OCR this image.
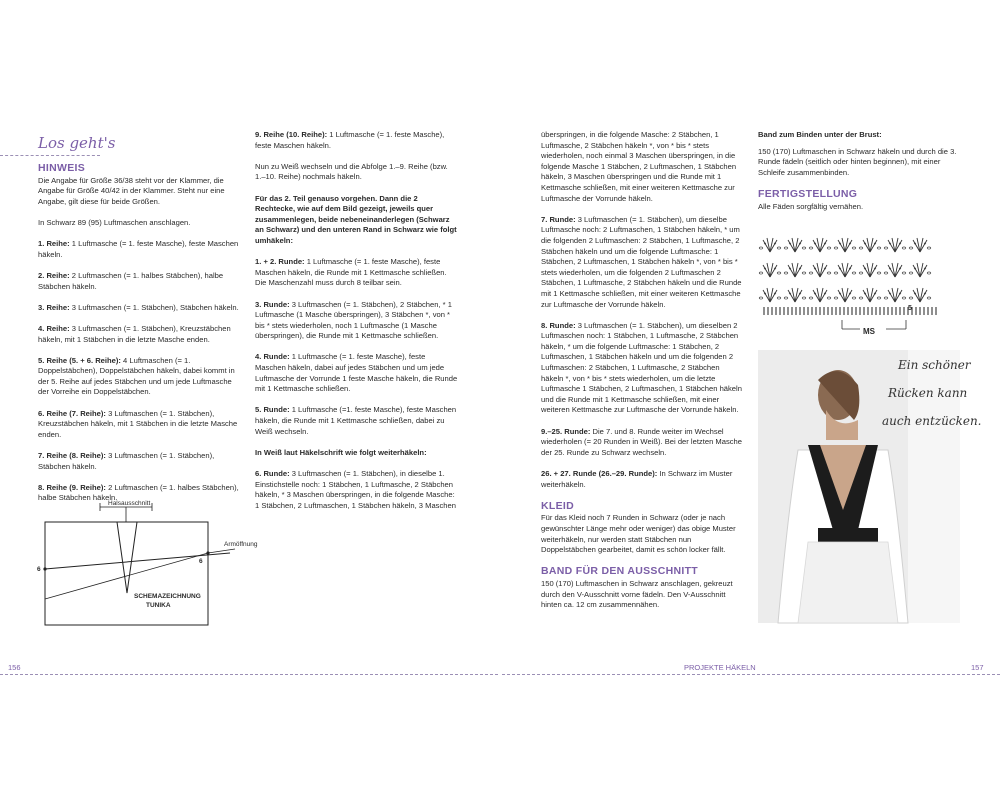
Los geht's
HINWEIS

Die Angabe für Größe 36/38 steht vor der Klammer, die Angabe für Größe 40/42 in der Klammer. Steht nur eine Angabe, gilt diese für beide Größen.

In Schwarz 89 (95) Luftmaschen anschlagen.

1. Reihe: 1 Luftmasche (= 1. feste Masche), feste Maschen häkeln.

2. Reihe: 2 Luftmaschen (= 1. halbes Stäbchen), halbe Stäbchen häkeln.

3. Reihe: 3 Luftmaschen (= 1. Stäbchen), Stäbchen häkeln.

4. Reihe: 3 Luftmaschen (= 1. Stäbchen), Kreuzstäbchen häkeln, mit 1 Stäbchen in die letzte Masche enden.

5. Reihe (5. + 6. Reihe): 4 Luftmaschen (= 1. Doppelstäbchen), Doppelstäbchen häkeln, dabei kommt in der 5. Reihe auf jedes Stäbchen und um jede Luftmasche der Vorreihe ein Doppelstäbchen.

6. Reihe (7. Reihe): 3 Luftmaschen (= 1. Stäbchen), Kreuzstäbchen häkeln, mit 1 Stäbchen in die letzte Masche enden.

7. Reihe (8. Reihe): 3 Luftmaschen (= 1. Stäbchen), Stäbchen häkeln.

8. Reihe (9. Reihe): 2 Luftmaschen (= 1. halbes Stäbchen), halbe Stäbchen häkeln.

Halsausschnitt
Armöffnung
6
6
SCHEMAZEICHNUNG
TUNIKA

9. Reihe (10. Reihe): 1 Luftmasche (= 1. feste Masche), feste Maschen häkeln.

Nun zu Weiß wechseln und die Abfolge 1.–9. Reihe (bzw. 1.–10. Reihe) nochmals häkeln.

Für das 2. Teil genauso vorgehen. Dann die 2 Rechtecke, wie auf dem Bild gezeigt, jeweils quer zusammenlegen, beide nebeneinanderlegen (Schwarz an Schwarz) und den unteren Rand in Schwarz wie folgt umhäkeln:

1. + 2. Runde: 1 Luftmasche (= 1. feste Masche), feste Maschen häkeln, die Runde mit 1 Kettmasche schließen. Die Maschenzahl muss durch 8 teilbar sein.

3. Runde: 3 Luftmaschen (= 1. Stäbchen), 2 Stäbchen, * 1 Luftmasche (1 Masche überspringen), 3 Stäbchen *, von * bis * stets wiederholen, noch 1 Luftmasche (1 Masche überspringen), die Runde mit 1 Kettmasche schließen.

4. Runde: 1 Luftmasche (= 1. feste Masche), feste Maschen häkeln, dabei auf jedes Stäbchen und um jede Luftmasche der Vorrunde 1 feste Masche häkeln, die Runde mit 1 Kettmasche schließen.

5. Runde: 1 Luftmasche (=1. feste Masche), feste Maschen häkeln, die Runde mit 1 Kettmasche schließen, dabei zu Weiß wechseln.

In Weiß laut Häkelschrift wie folgt weiterhäkeln:

6. Runde: 3 Luftmaschen (= 1. Stäbchen), in dieselbe 1. Einstichstelle noch: 1 Stäbchen, 1 Luftmasche, 2 Stäbchen häkeln, * 3 Maschen überspringen, in die folgende Masche: 1 Stäbchen, 2 Luftmaschen, 1 Stäbchen häkeln, 3 Maschen

überspringen, in die folgende Masche: 2 Stäbchen, 1 Luftmasche, 2 Stäbchen häkeln *, von * bis * stets wiederholen, noch einmal 3 Maschen überspringen, in die folgende Masche 1 Stäbchen, 2 Luftmaschen, 1 Stäbchen häkeln, 3 Maschen überspringen und die Runde mit 1 Kettmasche schließen, mit einer weiteren Kettmasche zur Luftmasche der Vorrunde häkeln.

7. Runde: 3 Luftmaschen (= 1. Stäbchen), um dieselbe Luftmasche noch: 2 Luftmaschen, 1 Stäbchen häkeln, * um die folgenden 2 Luftmaschen: 2 Stäbchen, 1 Luftmasche, 2 Stäbchen häkeln und um die folgende Luftmasche: 1 Stäbchen, 2 Luftmaschen, 1 Stäbchen häkeln *, von * bis * stets wiederholen, um die folgenden 2 Luftmaschen 2 Stäbchen, 1 Luftmasche, 2 Stäbchen häkeln und die Runde mit 1 Kettmasche schließen, mit einer weiteren Kettmasche zur Luftmasche der Vorrunde häkeln.

8. Runde: 3 Luftmaschen (= 1. Stäbchen), um dieselben 2 Luftmaschen noch: 1 Stäbchen, 1 Luftmasche, 2 Stäbchen häkeln, * um die folgende Luftmasche: 1 Stäbchen, 2 Luftmaschen, 1 Stäbchen häkeln und um die folgenden 2 Luftmaschen: 2 Stäbchen, 1 Luftmasche, 2 Stäbchen häkeln *, von * bis * stets wiederholen, um die letzte Luftmasche 1 Stäbchen, 2 Luftmaschen, 1 Stäbchen häkeln und die Runde mit 1 Kettmasche schließen, mit einer weiteren Kettmasche zur Luftmasche der Vorrunde häkeln.

9.–25. Runde: Die 7. und 8. Runde weiter im Wechsel wiederholen (= 20 Runden in Weiß). Bei der letzten Masche der 25. Runde zu Schwarz wechseln.

26. + 27. Runde (26.–29. Runde): In Schwarz im Muster weiterhäkeln.

KLEID

Für das Kleid noch 7 Runden in Schwarz (oder je nach gewünschter Länge mehr oder weniger) das obige Muster weiterhäkeln, nur werden statt Stäbchen nun Doppelstäbchen gearbeitet, damit es schön locker fällt.

BAND FÜR DEN AUSSCHNITT

150 (170) Luftmaschen in Schwarz anschlagen, gekreuzt durch den V-Ausschnitt vorne fädeln. Den V-Ausschnitt hinten ca. 12 cm zusammennähen.

Band zum Binden unter der Brust:

150 (170) Luftmaschen in Schwarz häkeln und durch die 3. Runde fädeln (seitlich oder hinten beginnen), mit einer Schleife zusammenbinden.

FERTIGSTELLUNG

Alle Fäden sorgfältig vernähen.

MS
5
Ein schöner
Rücken kann
auch entzücken.
156	PROJEKTE HÄKELN	157
